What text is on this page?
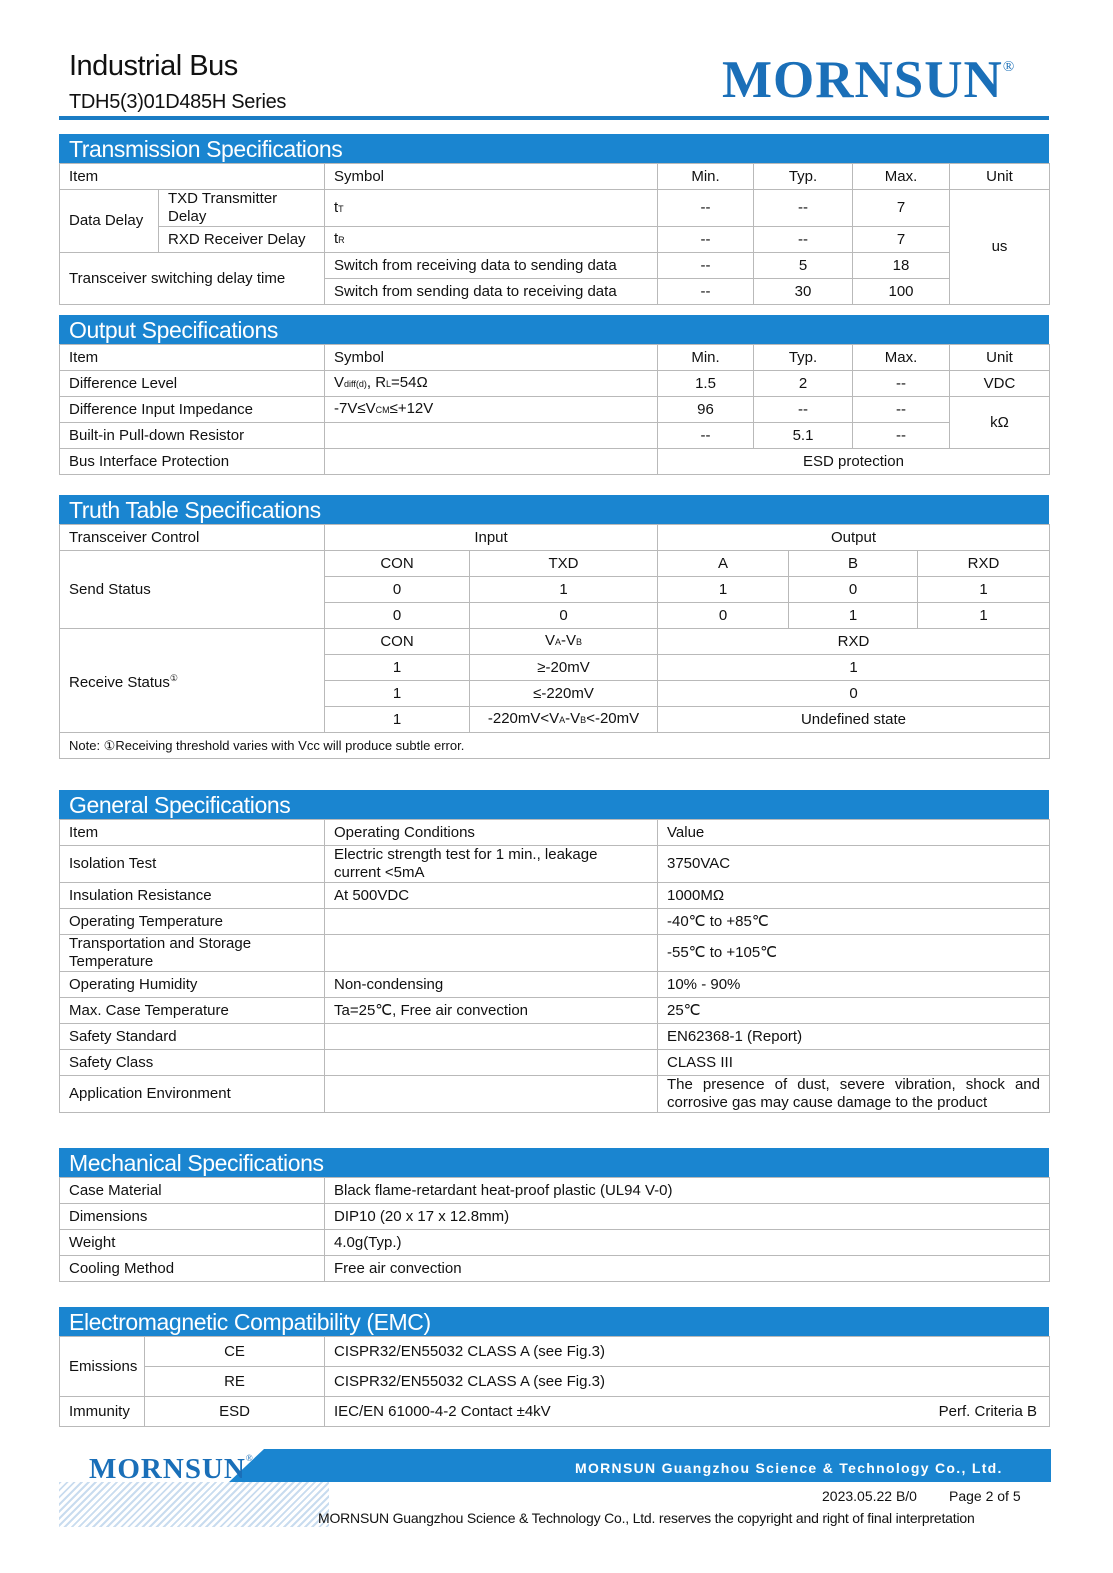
Industrial Bus
TDH5(3)01D485H Series	MORNSUN®
Transmission Specifications
Item		Symbol	Min.	Typ.	Max.	Unit
Data Delay	TXD Transmitter Delay	tT	--	--	7	us
	RXD Receiver Delay	tR	--	--	7	
Transceiver switching delay time		Switch from receiving data to sending data	--	5	18	
		Switch from sending data to receiving data	--	30	100	
Output Specifications
Item	Symbol	Min.	Typ.	Max.	Unit
Difference Level	Vdiff(d), RL=54Ω	1.5	2	--	VDC
Difference Input Impedance	-7V≤VCM≤+12V	96	--	--	kΩ
Built-in Pull-down Resistor		--	5.1	--	
Bus Interface Protection		ESD protection			
Truth Table Specifications
Transceiver Control	Input		Output		
Send Status	CON	TXD	A	B	RXD
	0	1	1	0	1
	0	0	0	1	1
Receive Status①	CON	VA-VB	RXD		
	1	≥-20mV	1		
	1	≤-220mV	0		
	1	-220mV<VA-VB<-20mV	Undefined state		
Note: ①Receiving threshold varies with Vcc will produce subtle error.					
General Specifications
Item	Operating Conditions	Value
Isolation Test	Electric strength test for 1 min., leakage current <5mA	3750VAC
Insulation Resistance	At 500VDC	1000MΩ
Operating Temperature		-40℃ to +85℃
Transportation and Storage Temperature		-55℃ to +105℃
Operating Humidity	Non-condensing	10% - 90%
Max. Case Temperature	Ta=25℃, Free air convection	25℃
Safety Standard		EN62368-1 (Report)
Safety Class		CLASS III
Application Environment		The presence of dust, severe vibration, shock and corrosive gas may cause damage to the product
Mechanical Specifications
Case Material	Black flame-retardant heat-proof plastic (UL94 V-0)
Dimensions	DIP10 (20 x 17 x 12.8mm)
Weight	4.0g(Typ.)
Cooling Method	Free air convection
Electromagnetic Compatibility (EMC)
Emissions	CE	CISPR32/EN55032 CLASS A (see Fig.3)
	RE	CISPR32/EN55032 CLASS A (see Fig.3)
Immunity	ESD	IEC/EN 61000-4-2 Contact ±4kV Perf. Criteria B
MORNSUN®
MORNSUN Guangzhou Science & Technology Co., Ltd.
2023.05.22 B/0 Page 2 of 5
MORNSUN Guangzhou Science & Technology Co., Ltd. reserves the copyright and right of final interpretation
